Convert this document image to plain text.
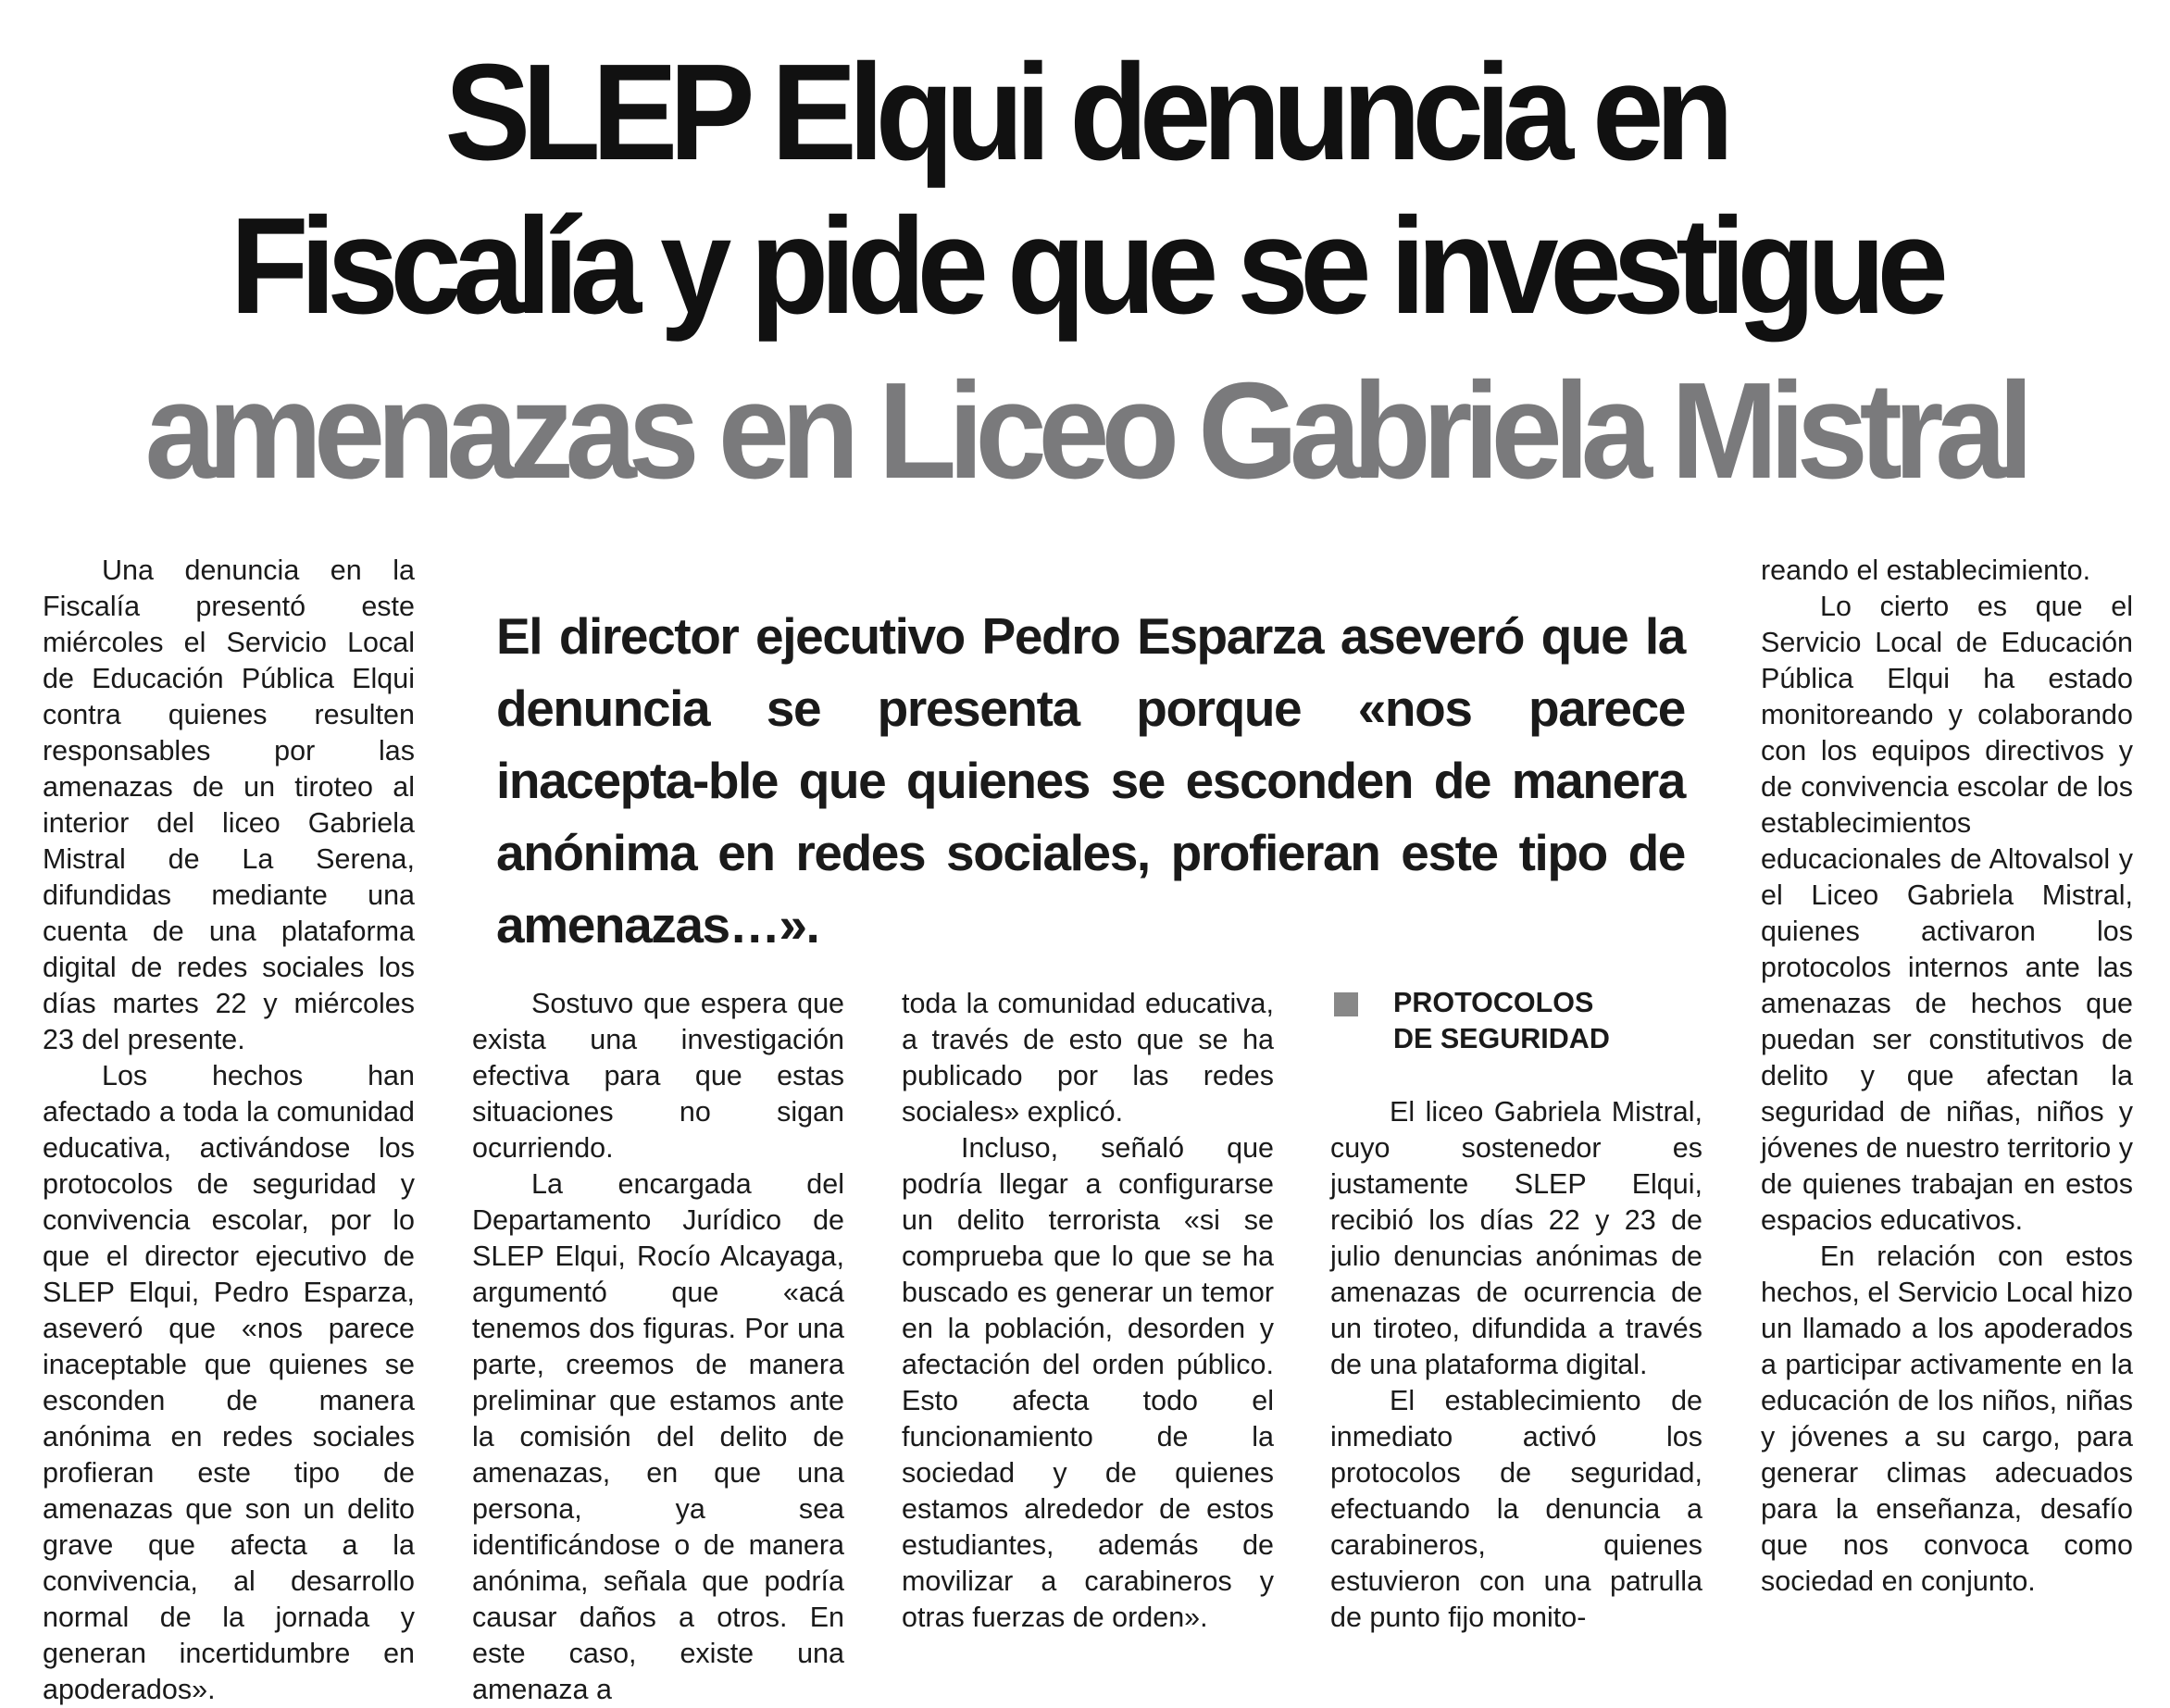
SLEP Elqui denuncia en
Fiscalía y pide que se investigue
amenazas en Liceo Gabriela Mistral
El director ejecutivo Pedro Esparza aseveró que la denuncia se presenta porque «nos parece inacepta-ble que quienes se esconden de manera anónima en redes sociales, profieran este tipo de amenazas…».

Una denuncia en la Fiscalía presentó este miércoles el Servicio Local de Educación Pública Elqui contra quienes resulten responsables por las amenazas de un tiroteo al interior del liceo Gabriela Mistral de La Serena, difundidas mediante una cuenta de una plataforma digital de redes sociales los días martes 22 y miércoles 23 del presente.

Los hechos han afectado a toda la comunidad educativa, activándose los protocolos de seguridad y convivencia escolar, por lo que el director ejecutivo de SLEP Elqui, Pedro Esparza, aseveró que «nos parece inaceptable que quienes se esconden de manera anónima en redes sociales profieran este tipo de amenazas que son un delito grave que afecta a la convivencia, al desarrollo normal de la jornada y generan incertidumbre en apoderados».

Sostuvo que espera que exista una investigación efectiva para que estas situaciones no sigan ocurriendo.

La encargada del Departamento Jurídico de SLEP Elqui, Rocío Alcayaga, argumentó que «acá tenemos dos figuras. Por una parte, creemos de manera preliminar que estamos ante la comisión del delito de amenazas, en que una persona, ya sea identificándose o de manera anónima, señala que podría causar daños a otros. En este caso, existe una amenaza a

toda la comunidad educativa, a través de esto que se ha publicado por las redes sociales» explicó.

Incluso, señaló que podría llegar a configurarse un delito terrorista «si se comprueba que lo que se ha buscado es generar un temor en la población, desorden y afectación del orden público. Esto afecta todo el funcionamiento de la sociedad y de quienes estamos alrededor de estos estudiantes, además de movilizar a carabineros y otras fuerzas de orden».

PROTOCOLOS
DE SEGURIDAD

El liceo Gabriela Mistral, cuyo sostenedor es justamente SLEP Elqui, recibió los días 22 y 23 de julio denuncias anónimas de amenazas de ocurrencia de un tiroteo, difundida a través de una plataforma digital.

El establecimiento de inmediato activó los protocolos de seguridad, efectuando la denuncia a carabineros, quienes estuvieron con una patrulla de punto fijo monito-

reando el establecimiento.

Lo cierto es que el Servicio Local de Educación Pública Elqui ha estado monitoreando y colaborando con los equipos directivos y de convivencia escolar de los establecimientos educacionales de Altovalsol y el Liceo Gabriela Mistral, quienes activaron los protocolos internos ante las amenazas de hechos que puedan ser constitutivos de delito y que afectan la seguridad de niñas, niños y jóvenes de nuestro territorio y de quienes trabajan en estos espacios educativos.

En relación con estos hechos, el Servicio Local hizo un llamado a los apoderados a participar activamente en la educación de los niños, niñas y jóvenes a su cargo, para generar climas adecuados para la enseñanza, desafío que nos convoca como sociedad en conjunto.
